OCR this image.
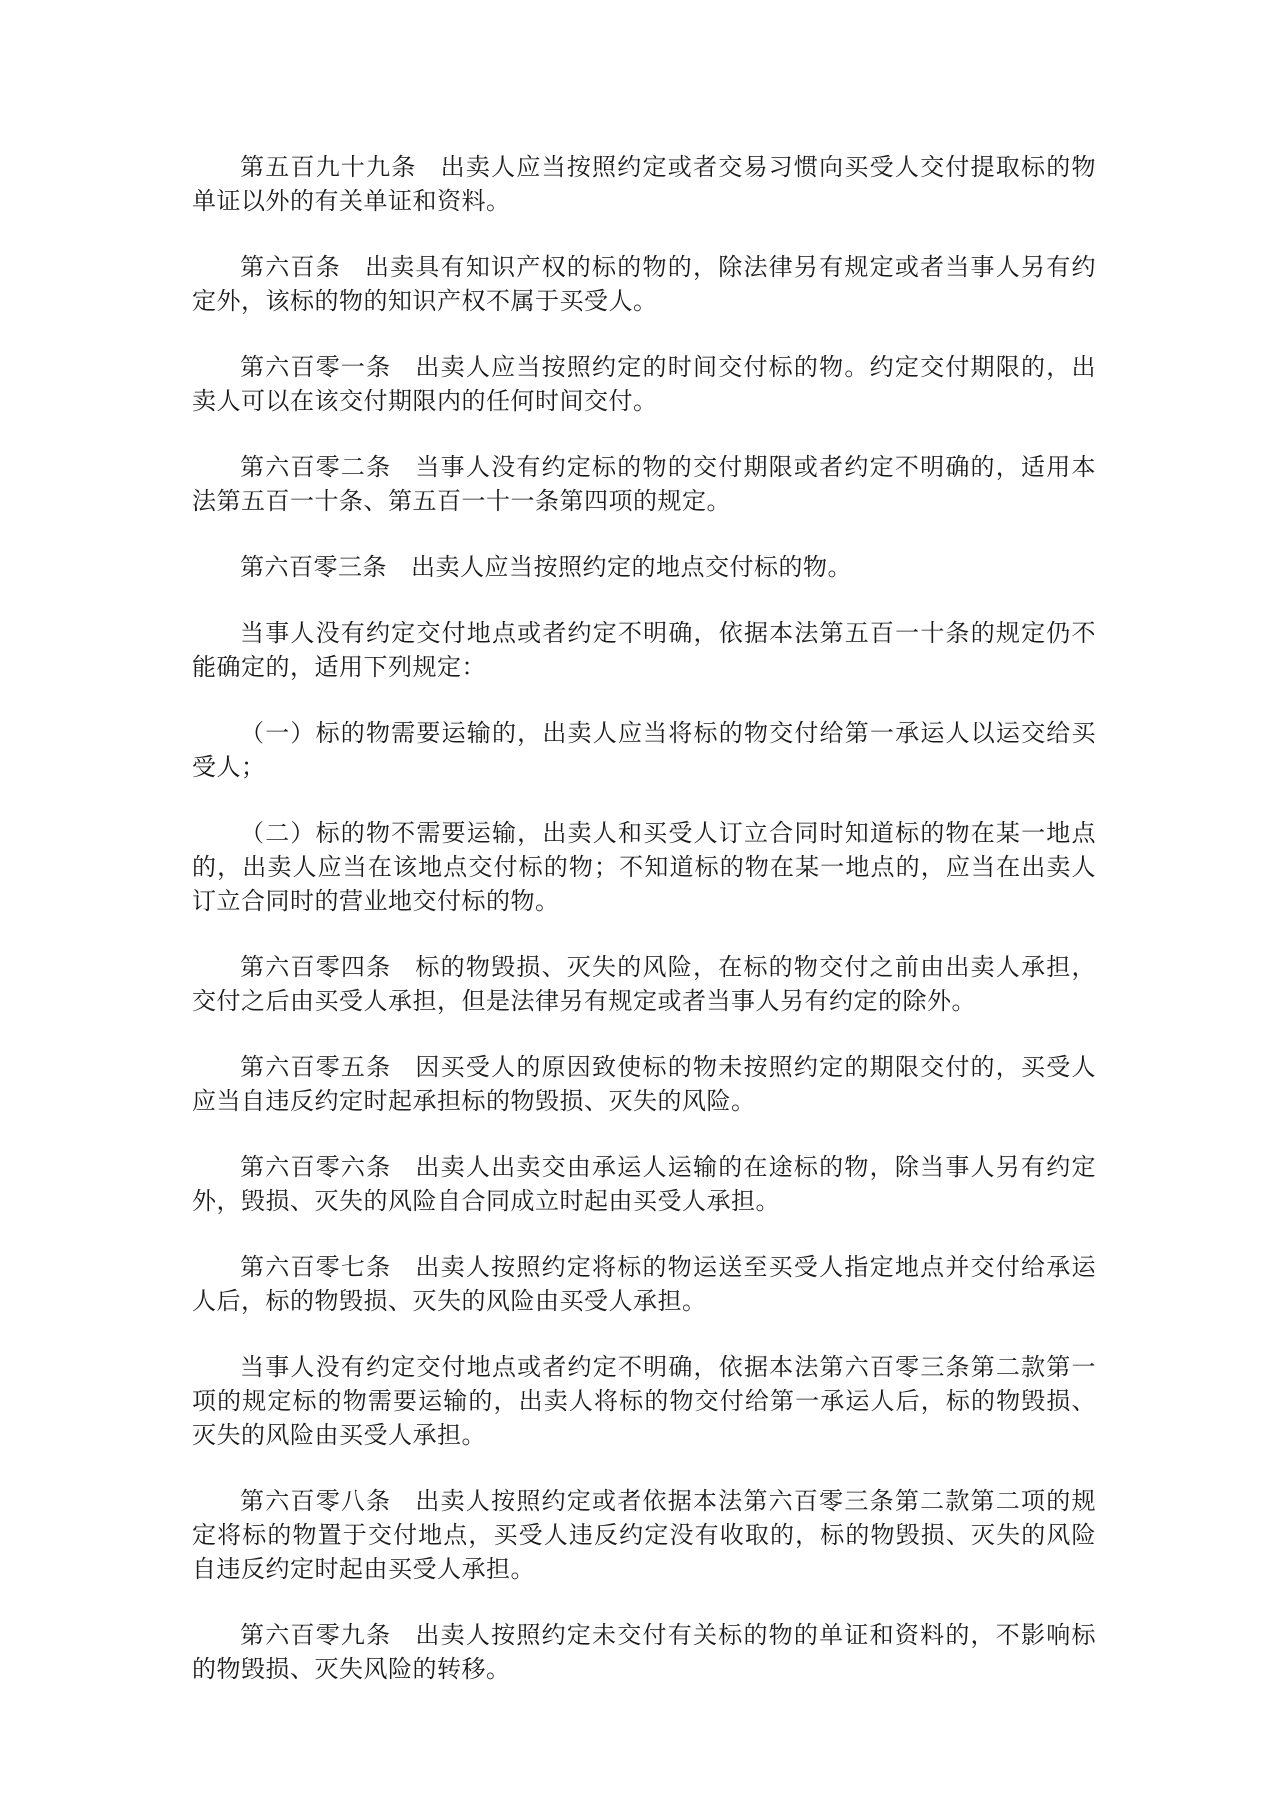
第五百九十九条 出卖人应当按照约定或者交易习惯向买受人交付提取标的物单证以外的有关单证和资料。

第六百条 出卖具有知识产权的标的物的，除法律另有规定或者当事人另有约定外，该标的物的知识产权不属于买受人。

第六百零一条 出卖人应当按照约定的时间交付标的物。约定交付期限的，出卖人可以在该交付期限内的任何时间交付。

第六百零二条 当事人没有约定标的物的交付期限或者约定不明确的，适用本法第五百一十条、第五百一十一条第四项的规定。

第六百零三条 出卖人应当按照约定的地点交付标的物。

当事人没有约定交付地点或者约定不明确，依据本法第五百一十条的规定仍不能确定的，适用下列规定：

（一）标的物需要运输的，出卖人应当将标的物交付给第一承运人以运交给买受人；

（二）标的物不需要运输，出卖人和买受人订立合同时知道标的物在某一地点的，出卖人应当在该地点交付标的物；不知道标的物在某一地点的，应当在出卖人订立合同时的营业地交付标的物。

第六百零四条 标的物毁损、灭失的风险，在标的物交付之前由出卖人承担，交付之后由买受人承担，但是法律另有规定或者当事人另有约定的除外。

第六百零五条 因买受人的原因致使标的物未按照约定的期限交付的，买受人应当自违反约定时起承担标的物毁损、灭失的风险。

第六百零六条 出卖人出卖交由承运人运输的在途标的物，除当事人另有约定外，毁损、灭失的风险自合同成立时起由买受人承担。

第六百零七条 出卖人按照约定将标的物运送至买受人指定地点并交付给承运人后，标的物毁损、灭失的风险由买受人承担。

当事人没有约定交付地点或者约定不明确，依据本法第六百零三条第二款第一项的规定标的物需要运输的，出卖人将标的物交付给第一承运人后，标的物毁损、灭失的风险由买受人承担。

第六百零八条 出卖人按照约定或者依据本法第六百零三条第二款第二项的规定将标的物置于交付地点，买受人违反约定没有收取的，标的物毁损、灭失的风险自违反约定时起由买受人承担。

第六百零九条 出卖人按照约定未交付有关标的物的单证和资料的，不影响标的物毁损、灭失风险的转移。
